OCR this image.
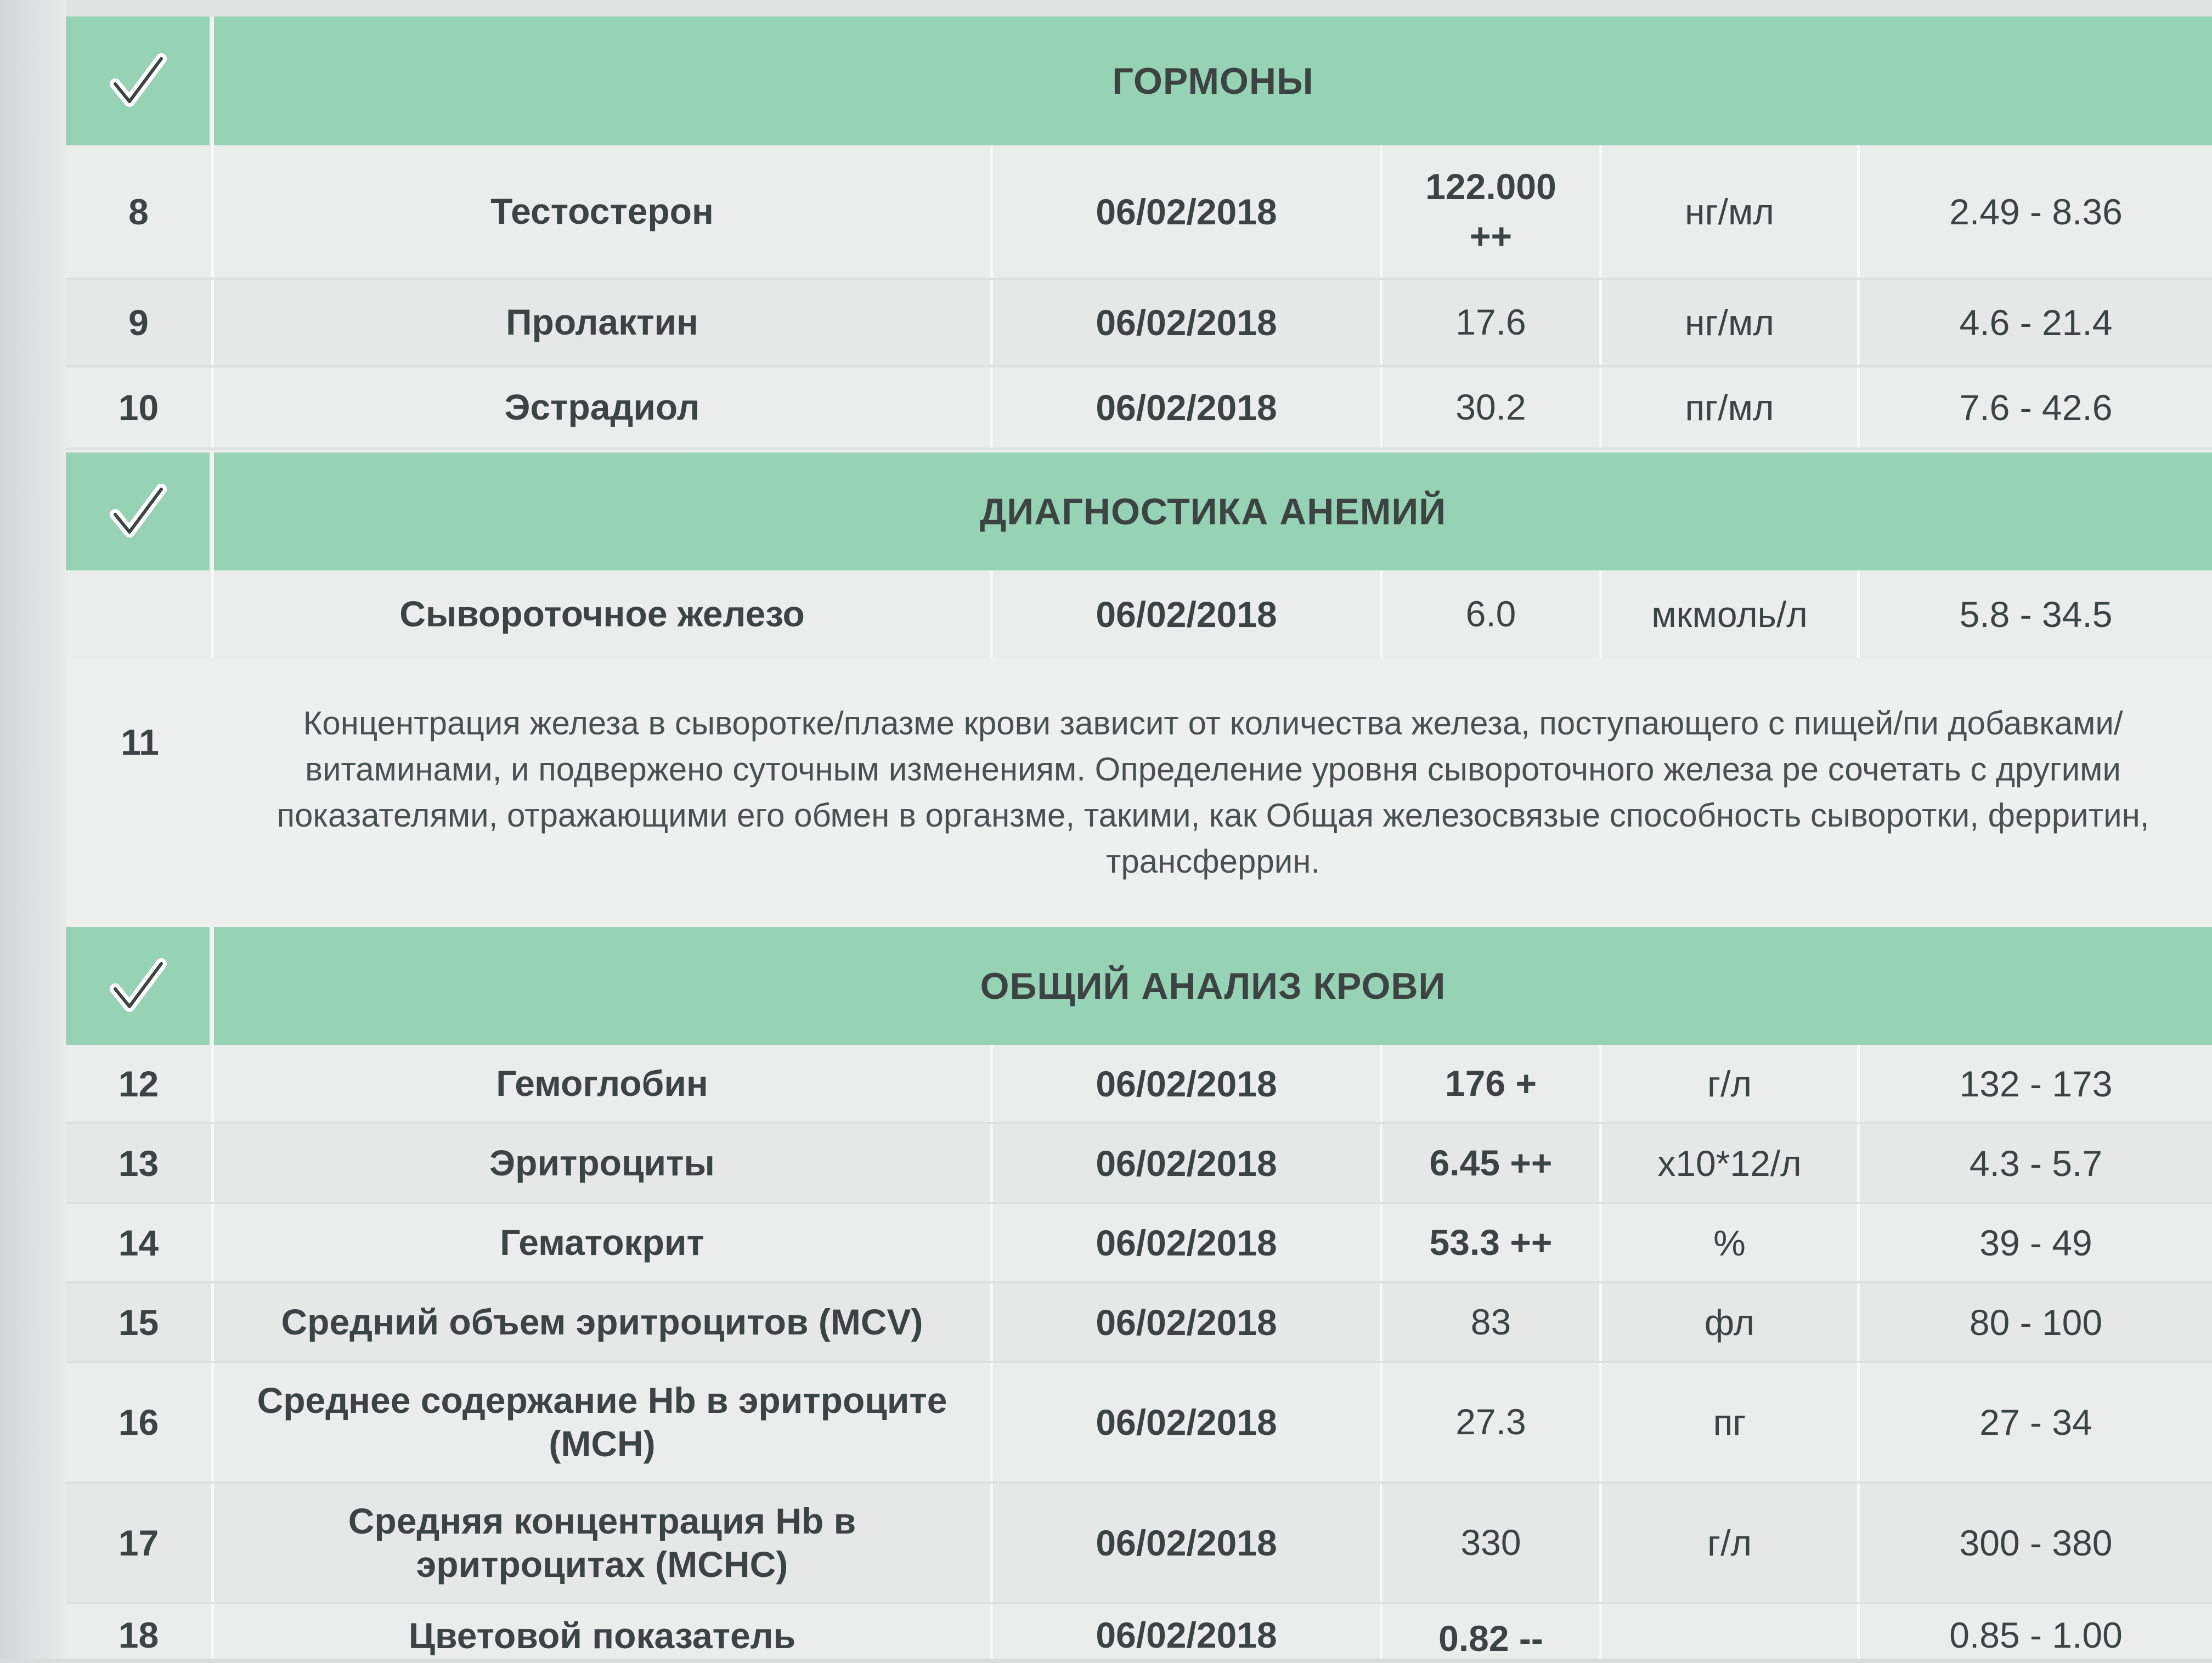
ГОРМОНЫ
8	Тестостерон	06/02/2018
122.000
++
нг/мл	2.49 - 8.36
9	Пролактин	06/02/2018	17.6	нг/мл	4.6 - 21.4
10	Эстрадиол	06/02/2018	30.2	пг/мл	7.6 - 42.6
ДИАГНОСТИКА АНЕМИЙ
Сывороточное железо	06/02/2018	6.0	мкмоль/л	5.8 - 34.5
11	Концентрация железа в сыворотке/плазме крови зависит от количества железа, поступающего с пищей/пи добавками/витаминами, и подвержено суточным изменениям. Определение уровня сывороточного железа ре сочетать с другими показателями, отражающими его обмен в органзме, такими, как Общая железосвязые способность сыворотки, ферритин, трансферрин.
ОБЩИЙ АНАЛИЗ КРОВИ
12	Гемоглобин	06/02/2018	176 +	г/л	132 - 173
13	Эритроциты	06/02/2018	6.45 ++	x10*12/л	4.3 - 5.7
14	Гематокрит	06/02/2018	53.3 ++	%	39 - 49
15	Средний объем эритроцитов (MCV)	06/02/2018	83	фл	80 - 100
16
Среднее содержание Hb в эритроците (MCH)
06/02/2018	27.3	пг	27 - 34
17
Средняя концентрация Hb в эритроцитах (MCHC)
06/02/2018	330	г/л	300 - 380
18	Цветовой показатель	06/02/2018	0.82 --	0.85 - 1.00
